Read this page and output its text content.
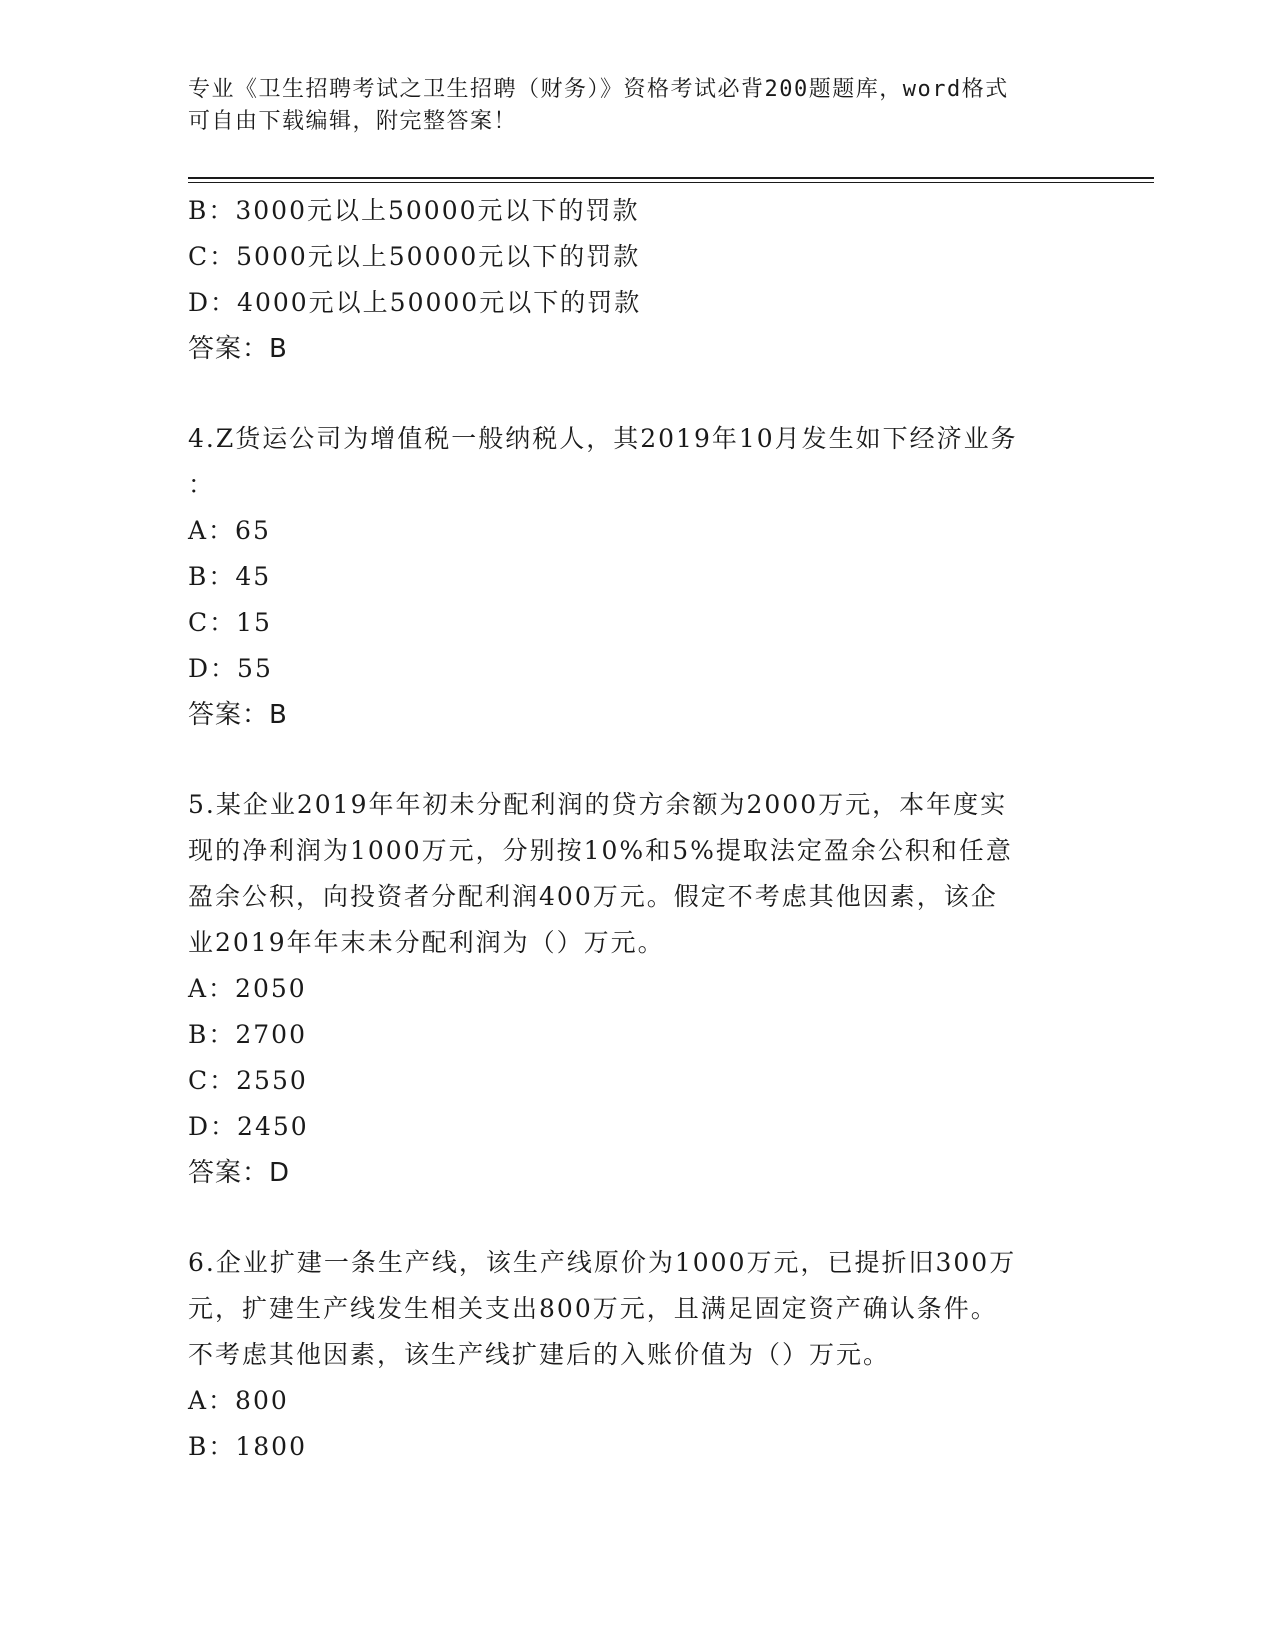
专业《卫生招聘考试之卫生招聘（财务）》资格考试必背200题题库，word格式
可自由下载编辑，附完整答案！
B：3000元以上50000元以下的罚款
C：5000元以上50000元以下的罚款
D：4000元以上50000元以下的罚款
答案：B
4.Z货运公司为增值税一般纳税人，其2019年10月发生如下经济业务
：
A：65
B：45
C：15
D：55
答案：B
5.某企业2019年年初未分配利润的贷方余额为2000万元，本年度实
现的净利润为1000万元，分别按10%和5%提取法定盈余公积和任意
盈余公积，向投资者分配利润400万元。假定不考虑其他因素，该企
业2019年年末未分配利润为（）万元。
A：2050
B：2700
C：2550
D：2450
答案：D
6.企业扩建一条生产线，该生产线原价为1000万元，已提折旧300万
元，扩建生产线发生相关支出800万元，且满足固定资产确认条件。
不考虑其他因素，该生产线扩建后的入账价值为（）万元。
A：800
B：1800
